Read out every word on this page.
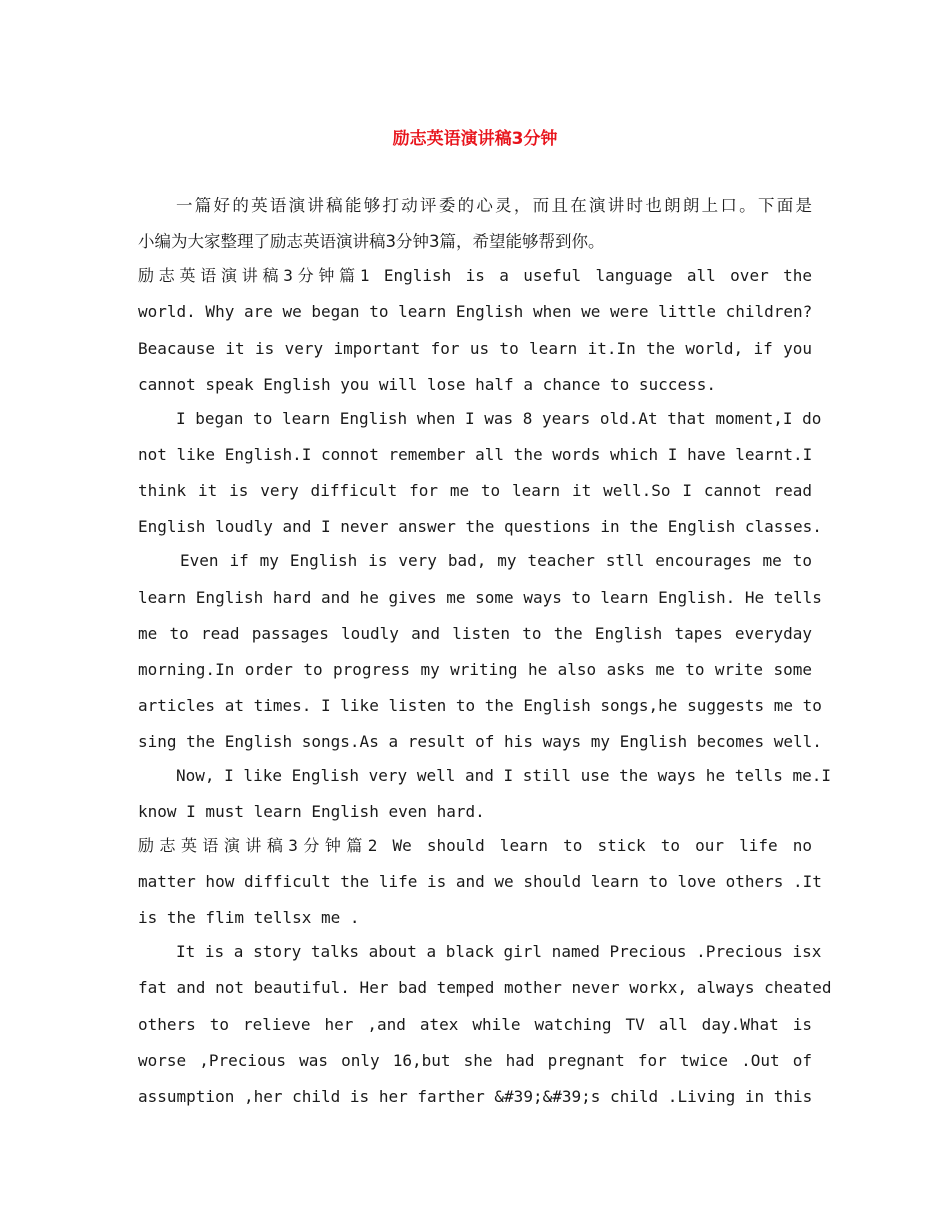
励志英语演讲稿3分钟
一篇好的英语演讲稿能够打动评委的心灵，而且在演讲时也朗朗上口。下面是
小编为大家整理了励志英语演讲稿3分钟3篇，希望能够帮到你。
励志英语演讲稿3分钟篇1 English is a useful language all over the
world. Why are we began to learn English when we were little children?
Beacause it is very important for us to learn it.In the world, if you
cannot speak English you will lose half a chance to success.
I began to learn English when I was 8 years old.At that moment,I do
not like English.I connot remember all the words which I have learnt.I
think it is very difficult for me to learn it well.So I cannot read
English loudly and I never answer the questions in the English classes.
Even if my English is very bad, my teacher stll encourages me to
learn English hard and he gives me some ways to learn English. He tells
me to read passages loudly and listen to the English tapes everyday
morning.In order to progress my writing he also asks me to write some
articles at times. I like listen to the English songs,he suggests me to
sing the English songs.As a result of his ways my English becomes well.
Now, I like English very well and I still use the ways he tells me.I
know I must learn English even hard.
励志英语演讲稿3分钟篇2 We should learn to stick to our life no
matter how difficult the life is and we should learn to love others .It
is the flim tellsx me .
It is a story talks about a black girl named Precious .Precious isx
fat and not beautiful. Her bad temped mother never workx, always cheated
others to relieve her ,and atex while watching TV all day.What is
worse ,Precious was only 16,but she had pregnant for twice .Out of
assumption ,her child is her farther &#39;&#39;s child .Living in this
